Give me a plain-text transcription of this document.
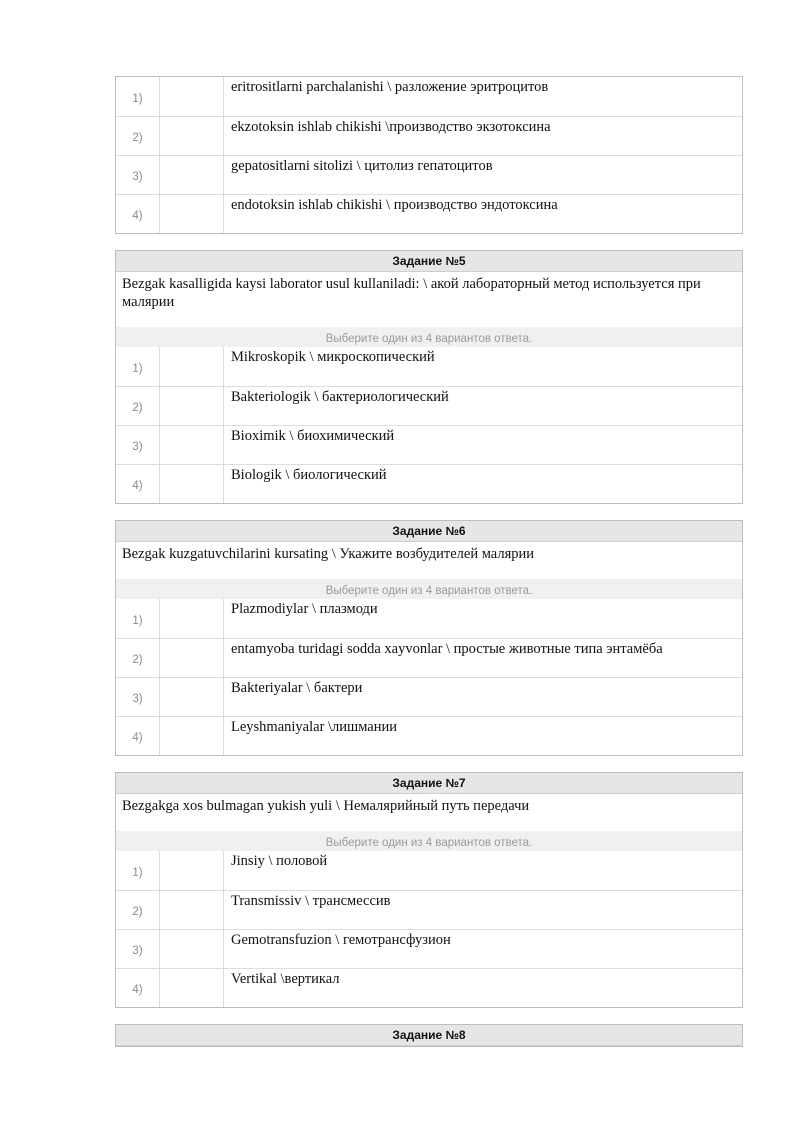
1)
eritrositlarni parchalanishi \ разложение эритроцитов
2)
ekzotoksin ishlab chikishi \производство экзотоксина
3)
gepatositlarni sitolizi \ цитолиз гепатоцитов
4)
endotoksin ishlab chikishi \ производство эндотоксина
Задание №5
Bezgak kasalligida kaysi laborator usul kullaniladi: \ акой лабораторный метод используется при малярии
Выберите один из 4 вариантов ответа.
1)
Mikroskopik \ микроскопический
2)
Bakteriologik \ бактериологический
3)
Bioximik \ биохимический
4)
Biologik \ биологический
Задание №6
Bezgak kuzgatuvchilarini kursating \ Укажите возбудителей малярии
Выберите один из 4 вариантов ответа.
1)
Plazmodiylar \ плазмоди
2)
entamyoba turidagi sodda xayvonlar \ простые животные типа энтамёба
3)
Bakteriyalar \ бактери
4)
Leyshmaniyalar \лишмании
Задание №7
Bezgakga xos bulmagan yukish yuli \ Немалярийный путь передачи
Выберите один из 4 вариантов ответа.
1)
Jinsiy \ половой
2)
Transmissiv \ трансмессив
3)
Gemotransfuzion \ гемотрансфузион
4)
Vertikal \вертикал
Задание №8
